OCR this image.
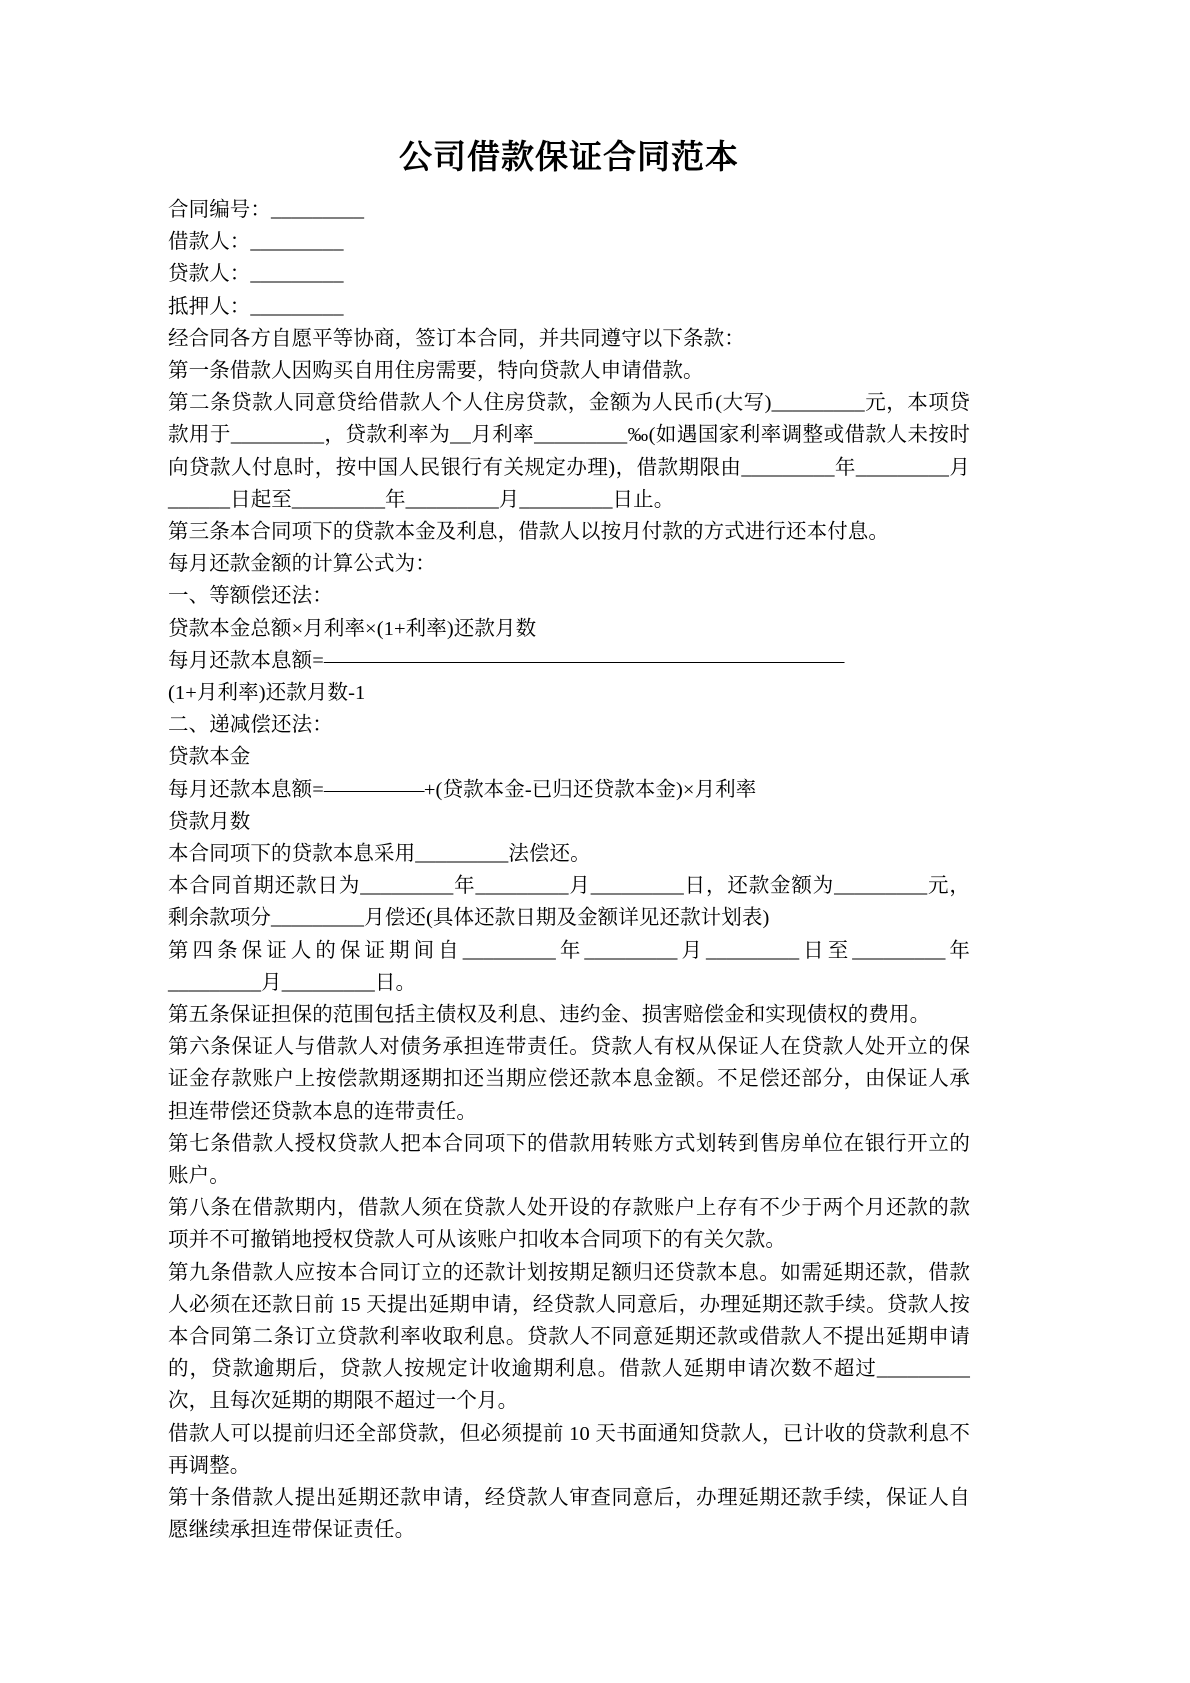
公司借款保证合同范本

合同编号：_________

借款人：_________

贷款人：_________

抵押人：_________

经合同各方自愿平等协商，签订本合同，并共同遵守以下条款：

第一条借款人因购买自用住房需要，特向贷款人申请借款。

第二条贷款人同意贷给借款人个人住房贷款，金额为人民币(大写)_________元，本项贷款用于_________，贷款利率为__月利率_________‰(如遇国家利率调整或借款人未按时向贷款人付息时，按中国人民银行有关规定办理)，借款期限由_________年_________月______日起至_________年_________月_________日止。

第三条本合同项下的贷款本金及利息，借款人以按月付款的方式进行还本付息。

每月还款金额的计算公式为：

一、等额偿还法：

贷款本金总额×月利率×(1+利率)还款月数

每月还款本息额=——————————————————————————

(1+月利率)还款月数-1

二、递减偿还法：

贷款本金

每月还款本息额=—————+(贷款本金-已归还贷款本金)×月利率

贷款月数

本合同项下的贷款本息采用_________法偿还。

本合同首期还款日为_________年_________月_________日，还款金额为_________元，剩余款项分_________月偿还(具体还款日期及金额详见还款计划表)

第四条保证人的保证期间自_________年_________月_________日至_________年_________月_________日。

第五条保证担保的范围包括主债权及利息、违约金、损害赔偿金和实现债权的费用。

第六条保证人与借款人对债务承担连带责任。贷款人有权从保证人在贷款人处开立的保证金存款账户上按偿款期逐期扣还当期应偿还款本息金额。不足偿还部分，由保证人承担连带偿还贷款本息的连带责任。

第七条借款人授权贷款人把本合同项下的借款用转账方式划转到售房单位在银行开立的账户。

第八条在借款期内，借款人须在贷款人处开设的存款账户上存有不少于两个月还款的款项并不可撤销地授权贷款人可从该账户扣收本合同项下的有关欠款。

第九条借款人应按本合同订立的还款计划按期足额归还贷款本息。如需延期还款，借款人必须在还款日前 15 天提出延期申请，经贷款人同意后，办理延期还款手续。贷款人按本合同第二条订立贷款利率收取利息。贷款人不同意延期还款或借款人不提出延期申请的，贷款逾期后，贷款人按规定计收逾期利息。借款人延期申请次数不超过_________次，且每次延期的期限不超过一个月。

借款人可以提前归还全部贷款，但必须提前 10 天书面通知贷款人，已计收的贷款利息不再调整。

第十条借款人提出延期还款申请，经贷款人审查同意后，办理延期还款手续，保证人自愿继续承担连带保证责任。
